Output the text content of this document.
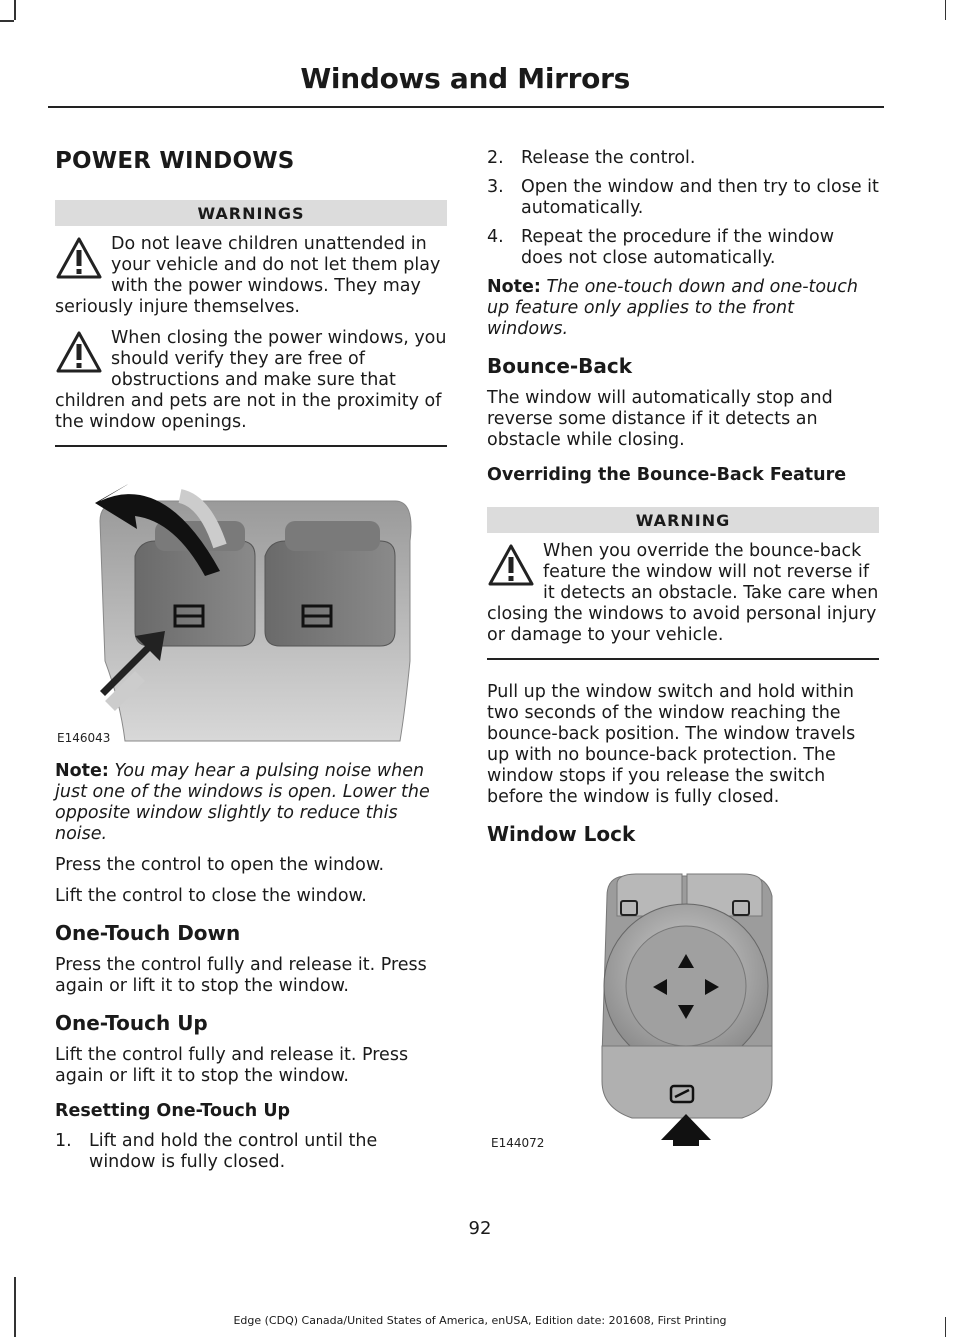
Windows and Mirrors
POWER WINDOWS
WARNINGS
Do not leave children unattended in your vehicle and do not let them play with the power windows. They may seriously injure themselves.
When closing the power windows, you should verify they are free of obstructions and make sure that children and pets are not in the proximity of the window openings.
E146043

Note: You may hear a pulsing noise when just one of the windows is open. Lower the opposite window slightly to reduce this noise.

Press the control to open the window.

Lift the control to close the window.

One-Touch Down

Press the control fully and release it. Press again or lift it to stop the window.

One-Touch Up

Lift the control fully and release it. Press again or lift it to stop the window.

Resetting One-Touch Up
1. Lift and hold the control until the window is fully closed.
2. Release the control.
3. Open the window and then try to close it automatically.
4. Repeat the procedure if the window does not close automatically.

Note: The one-touch down and one-touch up feature only applies to the front windows.

Bounce-Back

The window will automatically stop and reverse some distance if it detects an obstacle while closing.

Overriding the Bounce-Back Feature
WARNING
When you override the bounce-back feature the window will not reverse if it detects an obstacle. Take care when closing the windows to avoid personal injury or damage to your vehicle.

Pull up the window switch and hold within two seconds of the window reaching the bounce-back position. The window travels up with no bounce-back protection. The window stops if you release the switch before the window is fully closed.

Window Lock
E144072
92
Edge (CDQ) Canada/United States of America, enUSA, Edition date: 201608, First Printing
